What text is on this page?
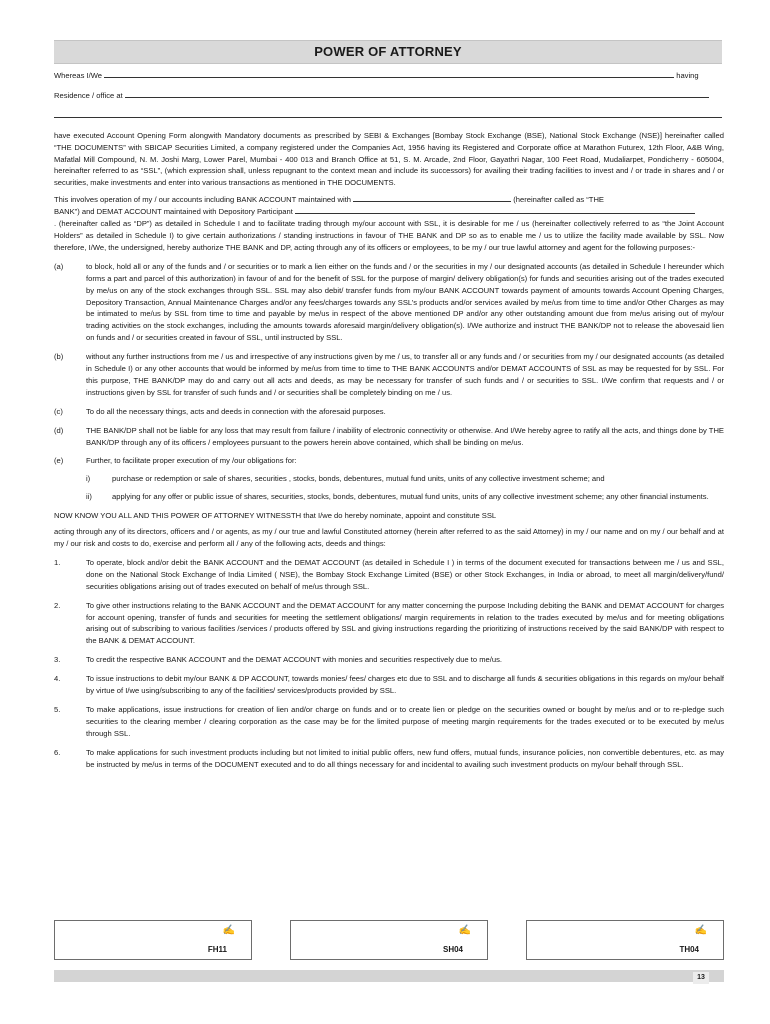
POWER OF ATTORNEY
Whereas I/We	having
Residence / office at
have executed Account Opening Form alongwith Mandatory documents as prescribed by SEBI & Exchanges [Bombay Stock Exchange (BSE), National Stock Exchange (NSE)] hereinafter called “THE DOCUMENTS” with SBICAP Securities Limited, a company registered under the Companies Act, 1956 having its Registered and Corporate office at Marathon Futurex, 12th Floor, A&B Wing, Mafatlal Mill Compound, N. M. Joshi Marg, Lower Parel, Mumbai - 400 013 and Branch Office at 51, S. M. Arcade, 2nd Floor, Gayathri Nagar, 100 Feet Road, Mudaliarpet, Pondicherry - 605004, hereinafter referred to as “SSL”, (which expression shall, unless repugnant to the context mean and include its successors) for availing their trading facilities to invest and / or trade in shares and / or securities, make investments and enter into various transactions as mentioned in THE DOCUMENTS.
This involves operation of my / our accounts including BANK ACCOUNT maintained with	(hereinafter called as “THE
BANK”) and DEMAT ACCOUNT maintained with Depository Participant
. (hereinafter called as “DP”) as detailed in Schedule I and to facilitate trading through my/our account with SSL, it is desirable for me / us (hereinafter collectively referred to as “the Joint Account Holders” as detailed in Schedule I) to give certain authorizations / standing instructions in favour of THE BANK and DP so as to enable me / us to utilize the facility made available by SSL. Now therefore, I/We, the undersigned, hereby authorize THE BANK and DP, acting through any of its officers or employees, to be my / our true lawful attorney and agent for the following purposes:-
(a)	to block, hold all or any of the funds and / or securities or to mark a lien either on the funds and / or the securities in my / our designated accounts (as detailed in Schedule I hereunder which forms a part and parcel of this authorization) in favour of and for the benefit of SSL for the purpose of margin/ delivery obligation(s) for funds and securities arising out of the trades executed by me/us on any of the stock exchanges through SSL. SSL may also debit/ transfer funds from my/our BANK ACCOUNT towards payment of amounts towards Account Opening Charges, Depository Transaction, Annual Maintenance Charges and/or any fees/charges towards any SSL’s products and/or services availed by me/us from time to time and/or Other Charges as may be intimated to me/us by SSL from time to time and payable by me/us in respect of the above mentioned DP and/or any other outstanding amount due from me/us arising out of my/our trading activities on the stock exchanges, including the amounts towards aforesaid margin/delivery obligation(s). I/We authorize and instruct THE BANK/DP not to release the abovesaid lien on funds and / or securities created in favour of SSL, until instructed by SSL.
(b)	without any further instructions from me / us and irrespective of any instructions given by me / us, to transfer all or any funds and / or securities from my / our designated accounts (as detailed in Schedule I) or any other accounts that would be informed by me/us from time to time to THE BANK ACCOUNTS and/or DEMAT ACCOUNTS of SSL as may be requested for by SSL. For this purpose, THE BANK/DP may do and carry out all acts and deeds, as may be necessary for transfer of such funds and / or securities to SSL. I/We confirm that requests and / or instructions given by SSL for transfer of such funds and / or securities shall be completely binding on me / us.
(c)	To do all the necessary things, acts and deeds in connection with the aforesaid purposes.
(d)	THE BANK/DP shall not be liable for any loss that may result from failure / inability of electronic connectivity or otherwise. And I/We hereby agree to ratify all the acts, and things done by THE BANK/DP through any of its officers / employees pursuant to the powers herein above contained, which shall be binding on me/us.
(e)	Further, to facilitate proper execution of my /our obligations for:
i)	purchase or redemption or sale of shares, securities , stocks, bonds, debentures, mutual fund units, units of any collective investment scheme; and
ii)	applying for any offer or public issue of shares, securities, stocks, bonds, debentures, mutual fund units, units of any collective investment scheme; any other financial instuments.
NOW KNOW YOU ALL AND THIS POWER OF ATTORNEY WITNESSTH that I/we do hereby nominate, appoint and constitute SSL
acting through any of its directors, officers and / or agents, as my / our true and lawful Constituted attorney (herein after referred to as the said Attorney) in my / our name and on my / our behalf and at my / our risk and costs to do, exercise and perform all / any of the following acts, deeds and things:
1.	To operate, block and/or debit the BANK ACCOUNT and the DEMAT ACCOUNT (as detailed in Schedule I ) in terms of the document executed for transactions between me / us and SSL, done on the National Stock Exchange of India Limited ( NSE), the Bombay Stock Exchange Limited (BSE) or other Stock Exchanges, in India or abroad, to meet all margin/delivery/fund/ securities obligations arising out of trades executed on behalf of me/us through SSL.
2.	To give other instructions relating to the BANK ACCOUNT and the DEMAT ACCOUNT for any matter concerning the purpose Including debiting the BANK and DEMAT ACCOUNT for charges for account opening, transfer of funds and securities for meeting the settlement obligations/ margin requirements in relation to the trades executed by me/us and for meeting obligations arising out of subscribing to various facilities /services / products offered by SSL and giving instructions regarding the prioritizing of instructions received by the said BANK/DP with respect to the BANK & DEMAT ACCOUNT.
3.	To credit the respective BANK ACCOUNT and the DEMAT ACCOUNT with monies and securities respectively due to me/us.
4.	To issue instructions to debit my/our BANK & DP ACCOUNT, towards monies/ fees/ charges etc due to SSL and to discharge all funds & securities obligations in this regards on my/our behalf by virtue of I/we using/subscribing to any of the facilities/ services/products provided by SSL.
5.	To make applications, issue instructions for creation of lien and/or charge on funds and or to create lien or pledge on the securities owned or bought by me/us and or to re-pledge such securities to the clearing member / clearing corporation as the case may be for the limited purpose of meeting margin requirements for the trades executed or to be executed by me/us through SSL.
6.	To make applications for such investment products including but not limited to initial public offers, new fund offers, mutual funds, insurance policies, non convertible debentures, etc. as may be instructed by me/us in terms of the DOCUMENT executed and to do all things necessary for and incidental to availing such investment products on my/our behalf through SSL.
✍
FH11
✍
SH04
✍
TH04
13
